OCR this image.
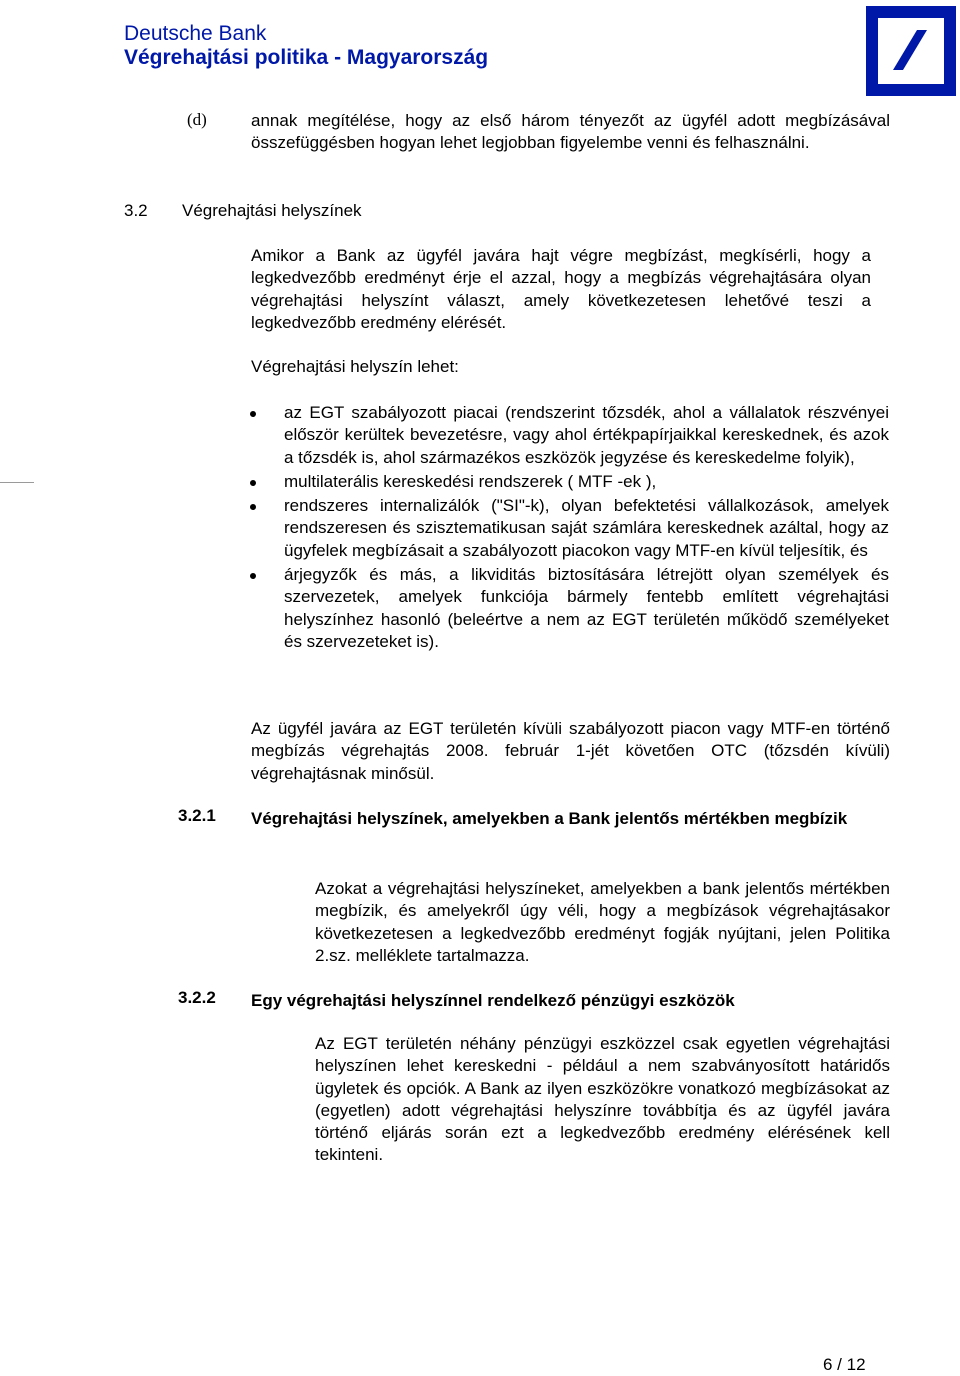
Deutsche Bank
Végrehajtási politika - Magyarország
(d)	annak megítélése, hogy az első három tényezőt az ügyfél adott megbízásával összefüggésben hogyan lehet legjobban figyelembe venni és felhasználni.
3.2 Végrehajtási helyszínek
Amikor a Bank az ügyfél javára hajt végre megbízást, megkísérli, hogy a legkedvezőbb eredményt érje el azzal, hogy a megbízás végrehajtására olyan végrehajtási helyszínt választ, amely következetesen lehetővé teszi a legkedvezőbb eredmény elérését.
Végrehajtási helyszín lehet:
az EGT szabályozott piacai (rendszerint tőzsdék, ahol a vállalatok részvényei először kerültek bevezetésre, vagy ahol értékpapírjaikkal kereskednek, és azok a tőzsdék is, ahol származékos eszközök jegyzése és kereskedelme folyik),
multilaterális kereskedési rendszerek ( MTF -ek ),
rendszeres internalizálók ("SI"-k), olyan befektetési vállalkozások, amelyek rendszeresen és szisztematikusan saját számlára kereskednek azáltal, hogy az ügyfelek megbízásait a szabályozott piacokon vagy MTF-en kívül teljesítik, és
árjegyzők és más, a likviditás biztosítására létrejött olyan személyek és szervezetek, amelyek funkciója bármely fentebb említett végrehajtási helyszínhez hasonló (beleértve a nem az EGT területén működő személyeket és szervezeteket is).
Az ügyfél javára az EGT területén kívüli szabályozott piacon vagy MTF-en történő megbízás végrehajtás 2008. február 1-jét követően OTC (tőzsdén kívüli) végrehajtásnak minősül.
3.2.1 Végrehajtási helyszínek, amelyekben a Bank jelentős mértékben megbízik
Azokat a végrehajtási helyszíneket, amelyekben a bank jelentős mértékben megbízik, és amelyekről úgy véli, hogy a megbízások végrehajtásakor következetesen a legkedvezőbb eredményt fogják nyújtani, jelen Politika 2.sz. melléklete tartalmazza.
3.2.2 Egy végrehajtási helyszínnel rendelkező pénzügyi eszközök
Az EGT területén néhány pénzügyi eszközzel csak egyetlen végrehajtási helyszínen lehet kereskedni - például a nem szabványosított határidős ügyletek és opciók. A Bank az ilyen eszközökre vonatkozó megbízásokat az (egyetlen) adott végrehajtási helyszínre továbbítja és az ügyfél javára történő eljárás során ezt a legkedvezőbb eredmény elérésének kell tekinteni.
6 / 12
